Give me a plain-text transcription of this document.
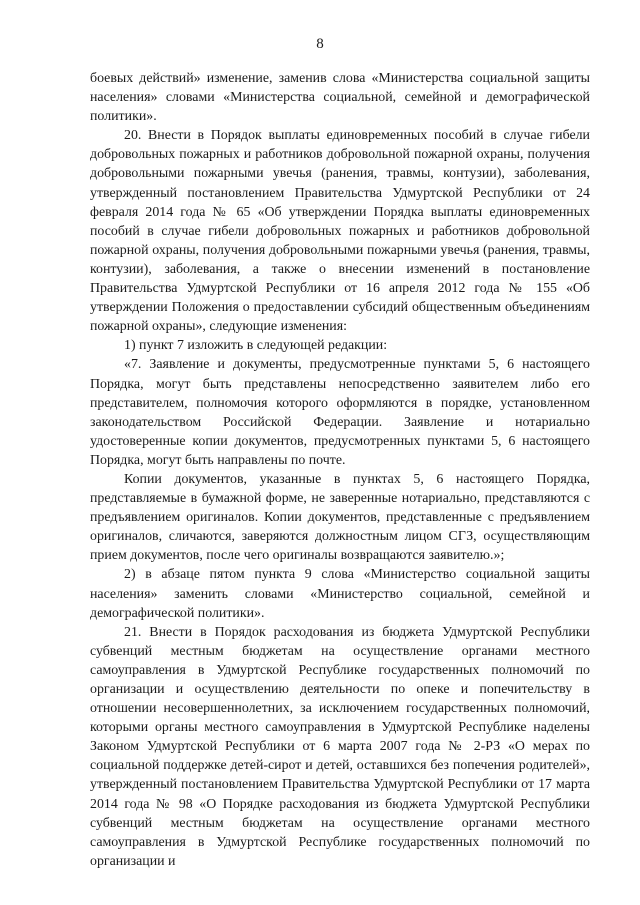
8

боевых действий» изменение, заменив слова «Министерства социальной защиты населения» словами «Министерства социальной, семейной и демографической политики».

20. Внести в Порядок выплаты единовременных пособий в случае гибели добровольных пожарных и работников добровольной пожарной охраны, получения добровольными пожарными увечья (ранения, травмы, контузии), заболевания, утвержденный постановлением Правительства Удмуртской Республики от 24 февраля 2014 года № 65 «Об утверждении Порядка выплаты единовременных пособий в случае гибели добровольных пожарных и работников добровольной пожарной охраны, получения добровольными пожарными увечья (ранения, травмы, контузии), заболевания, а также о внесении изменений в постановление Правительства Удмуртской Республики от 16 апреля 2012 года № 155 «Об утверждении Положения о предоставлении субсидий общественным объединениям пожарной охраны», следующие изменения:

1) пункт 7 изложить в следующей редакции:

«7. Заявление и документы, предусмотренные пунктами 5, 6 настоящего Порядка, могут быть представлены непосредственно заявителем либо его представителем, полномочия которого оформляются в порядке, установленном законодательством Российской Федерации. Заявление и нотариально удостоверенные копии документов, предусмотренных пунктами 5, 6 настоящего Порядка, могут быть направлены по почте.

Копии документов, указанные в пунктах 5, 6 настоящего Порядка, представляемые в бумажной форме, не заверенные нотариально, представляются с предъявлением оригиналов. Копии документов, представленные с предъявлением оригиналов, сличаются, заверяются должностным лицом СГЗ, осуществляющим прием документов, после чего оригиналы возвращаются заявителю.»;

2) в абзаце пятом пункта 9 слова «Министерство социальной защиты населения» заменить словами «Министерство социальной, семейной и демографической политики».

21. Внести в Порядок расходования из бюджета Удмуртской Республики субвенций местным бюджетам на осуществление органами местного самоуправления в Удмуртской Республике государственных полномочий по организации и осуществлению деятельности по опеке и попечительству в отношении несовершеннолетних, за исключением государственных полномочий, которыми органы местного самоуправления в Удмуртской Республике наделены Законом Удмуртской Республики от 6 марта 2007 года № 2-РЗ «О мерах по социальной поддержке детей-сирот и детей, оставшихся без попечения родителей», утвержденный постановлением Правительства Удмуртской Республики от 17 марта 2014 года № 98 «О Порядке расходования из бюджета Удмуртской Республики субвенций местным бюджетам на осуществление органами местного самоуправления в Удмуртской Республике государственных полномочий по организации и
